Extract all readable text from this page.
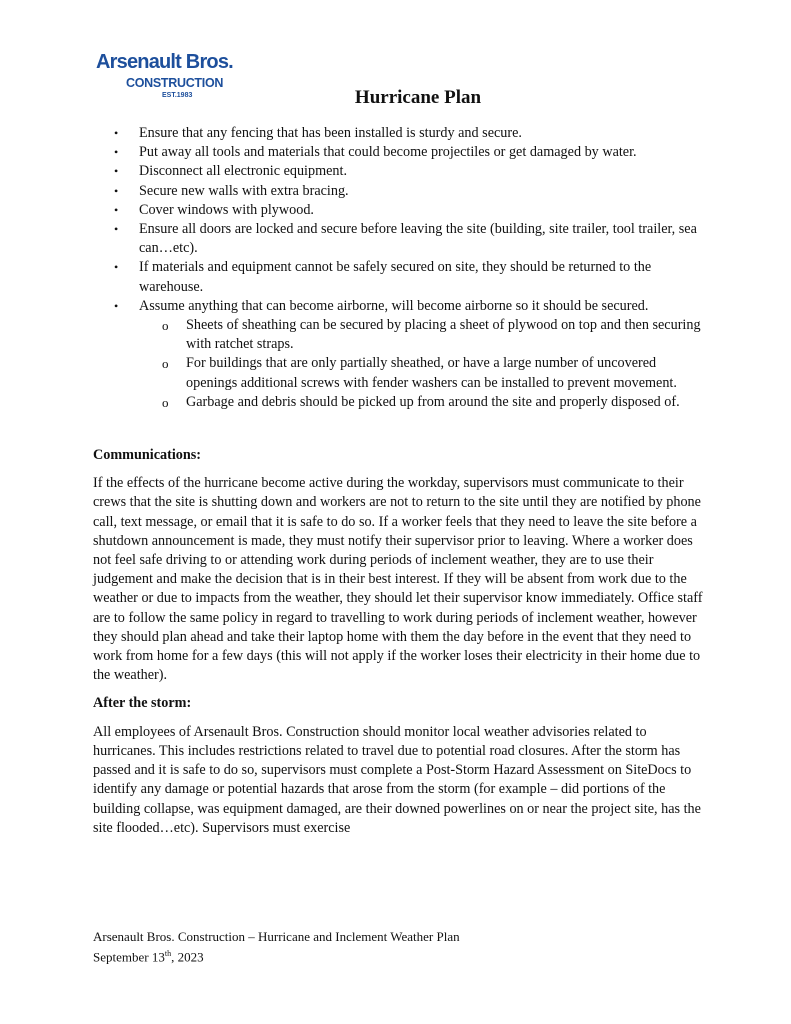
Arsenault Bros.
CONSTRUCTION
EST.1983	Hurricane Plan
• Ensure that any fencing that has been installed is sturdy and secure.
• Put away all tools and materials that could become projectiles or get damaged by water.
• Disconnect all electronic equipment.
• Secure new walls with extra bracing.
• Cover windows with plywood.
• Ensure all doors are locked and secure before leaving the site (building, site trailer, tool trailer, sea can…etc).
• If materials and equipment cannot be safely secured on site, they should be returned to the warehouse.
• Assume anything that can become airborne, will become airborne so it should be secured.
o Sheets of sheathing can be secured by placing a sheet of plywood on top and then securing with ratchet straps.
o For buildings that are only partially sheathed, or have a large number of uncovered openings additional screws with fender washers can be installed to prevent movement.
o Garbage and debris should be picked up from around the site and properly disposed of.

Communications:

If the effects of the hurricane become active during the workday, supervisors must communicate to their crews that the site is shutting down and workers are not to return to the site until they are notified by phone call, text message, or email that it is safe to do so. If a worker feels that they need to leave the site before a shutdown announcement is made, they must notify their supervisor prior to leaving. Where a worker does not feel safe driving to or attending work during periods of inclement weather, they are to use their judgement and make the decision that is in their best interest. If they will be absent from work due to the weather or due to impacts from the weather, they should let their supervisor know immediately. Office staff are to follow the same policy in regard to travelling to work during periods of inclement weather, however they should plan ahead and take their laptop home with them the day before in the event that they need to work from home for a few days (this will not apply if the worker loses their electricity in their home due to the weather).

After the storm:

All employees of Arsenault Bros. Construction should monitor local weather advisories related to hurricanes. This includes restrictions related to travel due to potential road closures. After the storm has passed and it is safe to do so, supervisors must complete a Post-Storm Hazard Assessment on SiteDocs to identify any damage or potential hazards that arose from the storm (for example – did portions of the building collapse, was equipment damaged, are their downed powerlines on or near the project site, has the site flooded…etc). Supervisors must exercise

Arsenault Bros. Construction – Hurricane and Inclement Weather Plan
September 13th, 2023
